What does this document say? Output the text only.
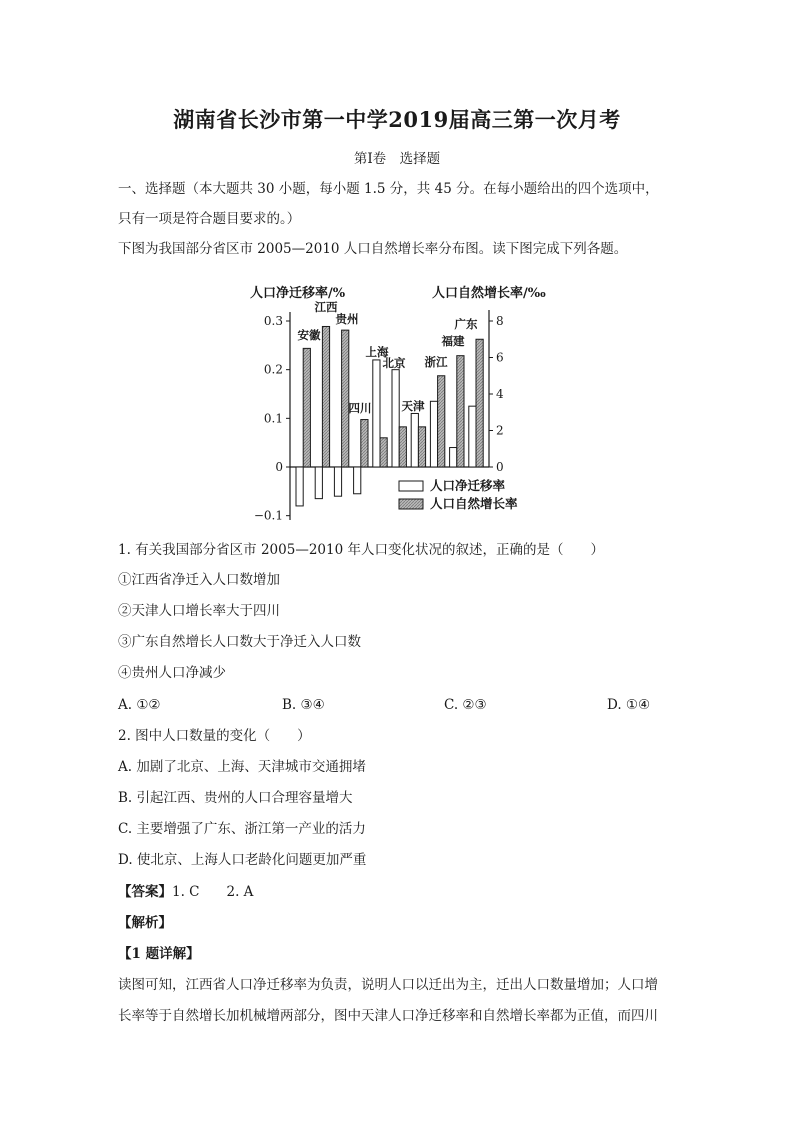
湖南省长沙市第一中学2019届高三第一次月考
第Ⅰ卷　选择题
一、选择题（本大题共 30 小题，每小题 1.5 分，共 45 分。在每小题给出的四个选项中，
只有一项是符合题目要求的。）
下图为我国部分省区市 2005—2010 人口自然增长率分布图。读下图完成下列各题。
0.3
0.2
0.1
0
−0.1
8
6
4
2
0
人口净迁移率/%	人口自然增长率/‰
安徽
江西
贵州
四川
上海
北京
天津
浙江
福建
广东
人口净迁移率
人口自然增长率
1. 有关我国部分省区市 2005—2010 年人口变化状况的叙述，正确的是（　　）
①江西省净迁入人口数增加
②天津人口增长率大于四川
③广东自然增长人口数大于净迁入人口数
④贵州人口净减少
A. ①②	B. ③④	C. ②③	D. ①④
2. 图中人口数量的变化（　　）
A. 加剧了北京、上海、天津城市交通拥堵
B. 引起江西、贵州的人口合理容量增大
C. 主要增强了广东、浙江第一产业的活力
D. 使北京、上海人口老龄化问题更加严重
【答案】1. C　　2. A
【解析】
【1 题详解】
读图可知，江西省人口净迁移率为负责，说明人口以迁出为主，迁出人口数量增加；人口增
长率等于自然增长加机械增两部分，图中天津人口净迁移率和自然增长率都为正值，而四川
